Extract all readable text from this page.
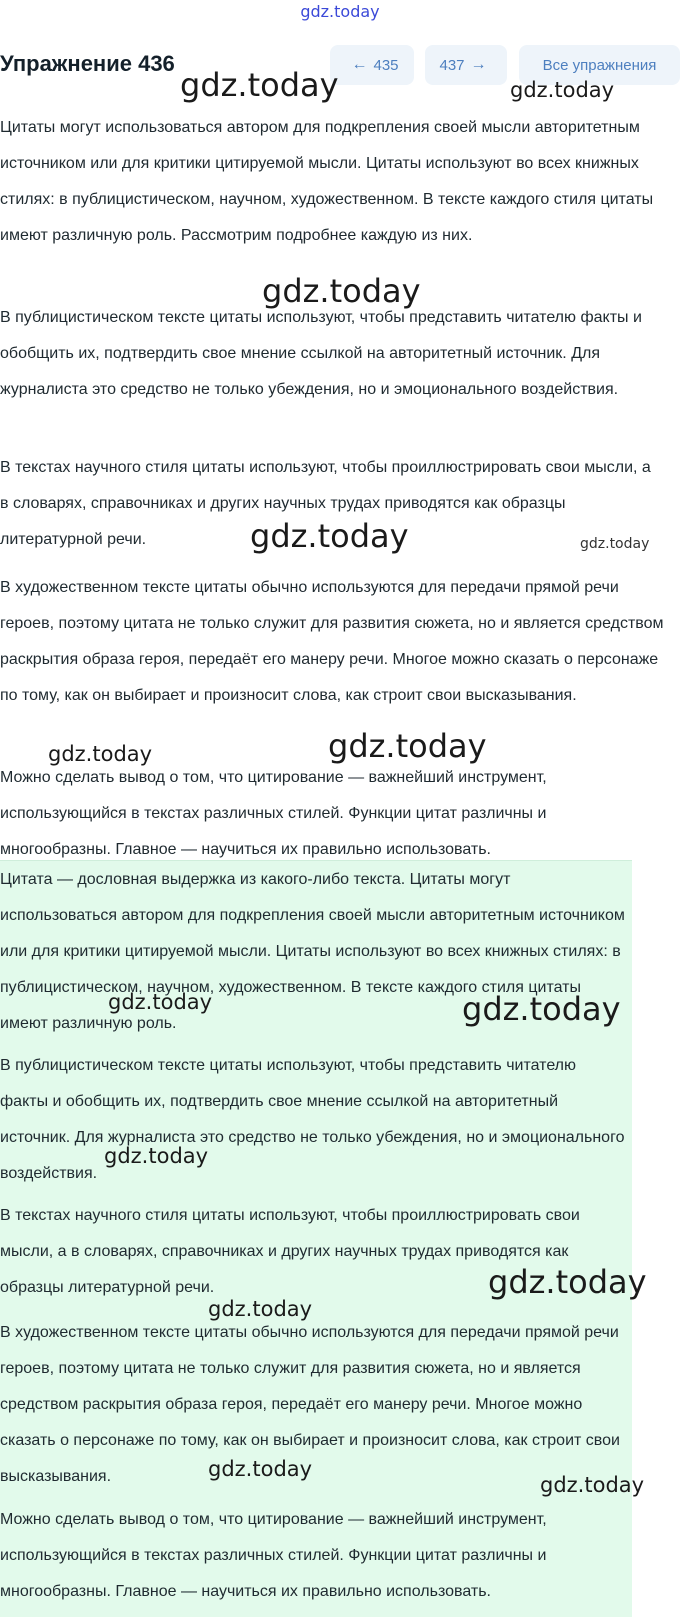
gdz.today
Упражнение 436	← 435	437 →	Все упражнения

Цитаты могут использоваться автором для подкрепления своей мысли авторитетным источником или для критики цитируемой мысли. Цитаты используют во всех книжных стилях: в публицистическом, научном, художественном. В тексте каждого стиля цитаты имеют различную роль. Рассмотрим подробнее каждую из них.

В публицистическом тексте цитаты используют, чтобы представить читателю факты и обобщить их, подтвердить свое мнение ссылкой на авторитетный источник. Для журналиста это средство не только убеждения, но и эмоционального воздействия.

В текстах научного стиля цитаты используют, чтобы проиллюстрировать свои мысли, а в словарях, справочниках и других научных трудах приводятся как образцы литературной речи.

В художественном тексте цитаты обычно используются для передачи прямой речи героев, поэтому цитата не только служит для развития сюжета, но и является средством раскрытия образа героя, передаёт его манеру речи. Многое можно сказать о персонаже по тому, как он выбирает и произносит слова, как строит свои высказывания.

Можно сделать вывод о том, что цитирование — важнейший инструмент, использующийся в текстах различных стилей. Функции цитат различны и многообразны. Главное — научиться их правильно использовать.

Цитата — дословная выдержка из какого-либо текста. Цитаты могут использоваться автором для подкрепления своей мысли авторитетным источником или для критики цитируемой мысли. Цитаты используют во всех книжных стилях: в публицистическом, научном, художественном. В тексте каждого стиля цитаты имеют различную роль.

В публицистическом тексте цитаты используют, чтобы представить читателю факты и обобщить их, подтвердить свое мнение ссылкой на авторитетный источник. Для журналиста это средство не только убеждения, но и эмоционального воздействия.

В текстах научного стиля цитаты используют, чтобы проиллюстрировать свои мысли, а в словарях, справочниках и других научных трудах приводятся как образцы литературной речи.

В художественном тексте цитаты обычно используются для передачи прямой речи героев, поэтому цитата не только служит для развития сюжета, но и является средством раскрытия образа героя, передаёт его манеру речи. Многое можно сказать о персонаже по тому, как он выбирает и произносит слова, как строит свои высказывания.

Можно сделать вывод о том, что цитирование — важнейший инструмент, использующийся в текстах различных стилей. Функции цитат различны и многообразны. Главное — научиться их правильно использовать.

gdz.today	gdz.today
gdz.today
gdz.today	gdz.today
gdz.today
gdz.today
gdz.today	gdz.today
gdz.today
gdz.today
gdz.today
gdz.today
gdz.today
